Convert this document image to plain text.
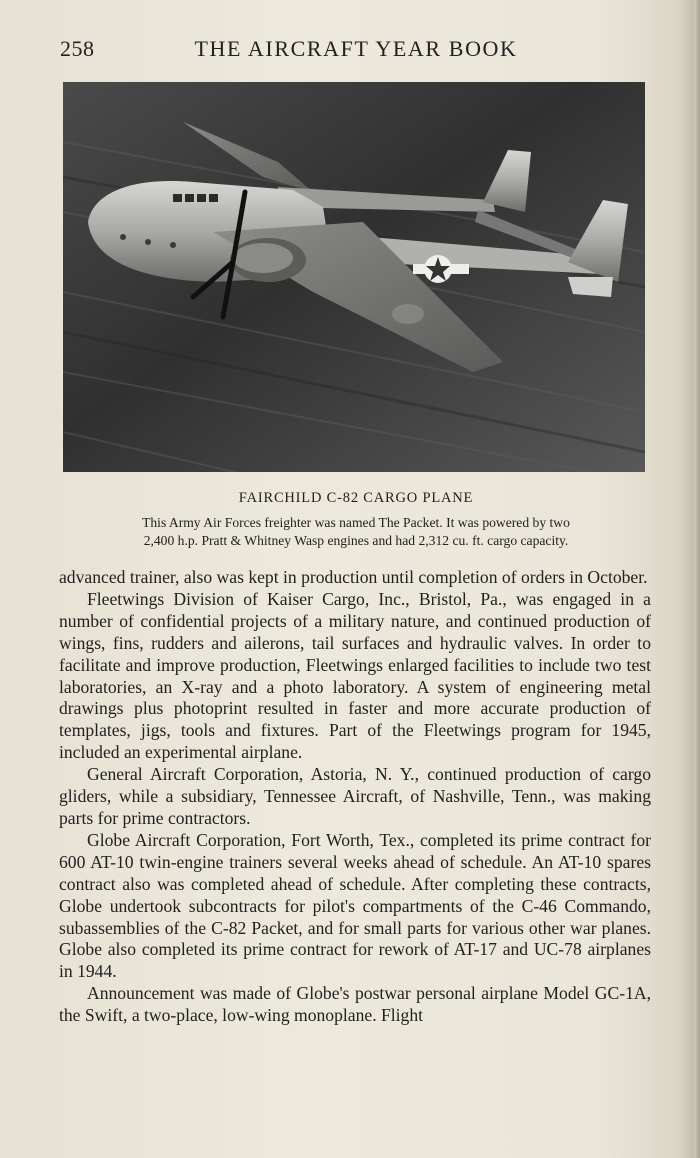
258	THE AIRCRAFT YEAR BOOK
FAIRCHILD C-82 CARGO PLANE
This Army Air Forces freighter was named The Packet. It was powered by two
2,400 h.p. Pratt & Whitney Wasp engines and had 2,312 cu. ft. cargo capacity.

advanced trainer, also was kept in production until completion of orders in October.

Fleetwings Division of Kaiser Cargo, Inc., Bristol, Pa., was engaged in a number of confidential projects of a military nature, and continued production of wings, fins, rudders and ailerons, tail surfaces and hydraulic valves. In order to facilitate and improve production, Fleetwings enlarged facilities to include two test laboratories, an X-ray and a photo laboratory. A system of engineering metal drawings plus photoprint resulted in faster and more accurate production of templates, jigs, tools and fixtures. Part of the Fleetwings program for 1945, included an experimental airplane.

General Aircraft Corporation, Astoria, N. Y., continued production of cargo gliders, while a subsidiary, Tennessee Aircraft, of Nashville, Tenn., was making parts for prime contractors.

Globe Aircraft Corporation, Fort Worth, Tex., completed its prime contract for 600 AT-10 twin-engine trainers several weeks ahead of schedule. An AT-10 spares contract also was completed ahead of schedule. After completing these contracts, Globe undertook subcontracts for pilot's compartments of the C-46 Commando, subassemblies of the C-82 Packet, and for small parts for various other war planes. Globe also completed its prime contract for rework of AT-17 and UC-78 airplanes in 1944.

Announcement was made of Globe's postwar personal airplane Model GC-1A, the Swift, a two-place, low-wing monoplane. Flight
